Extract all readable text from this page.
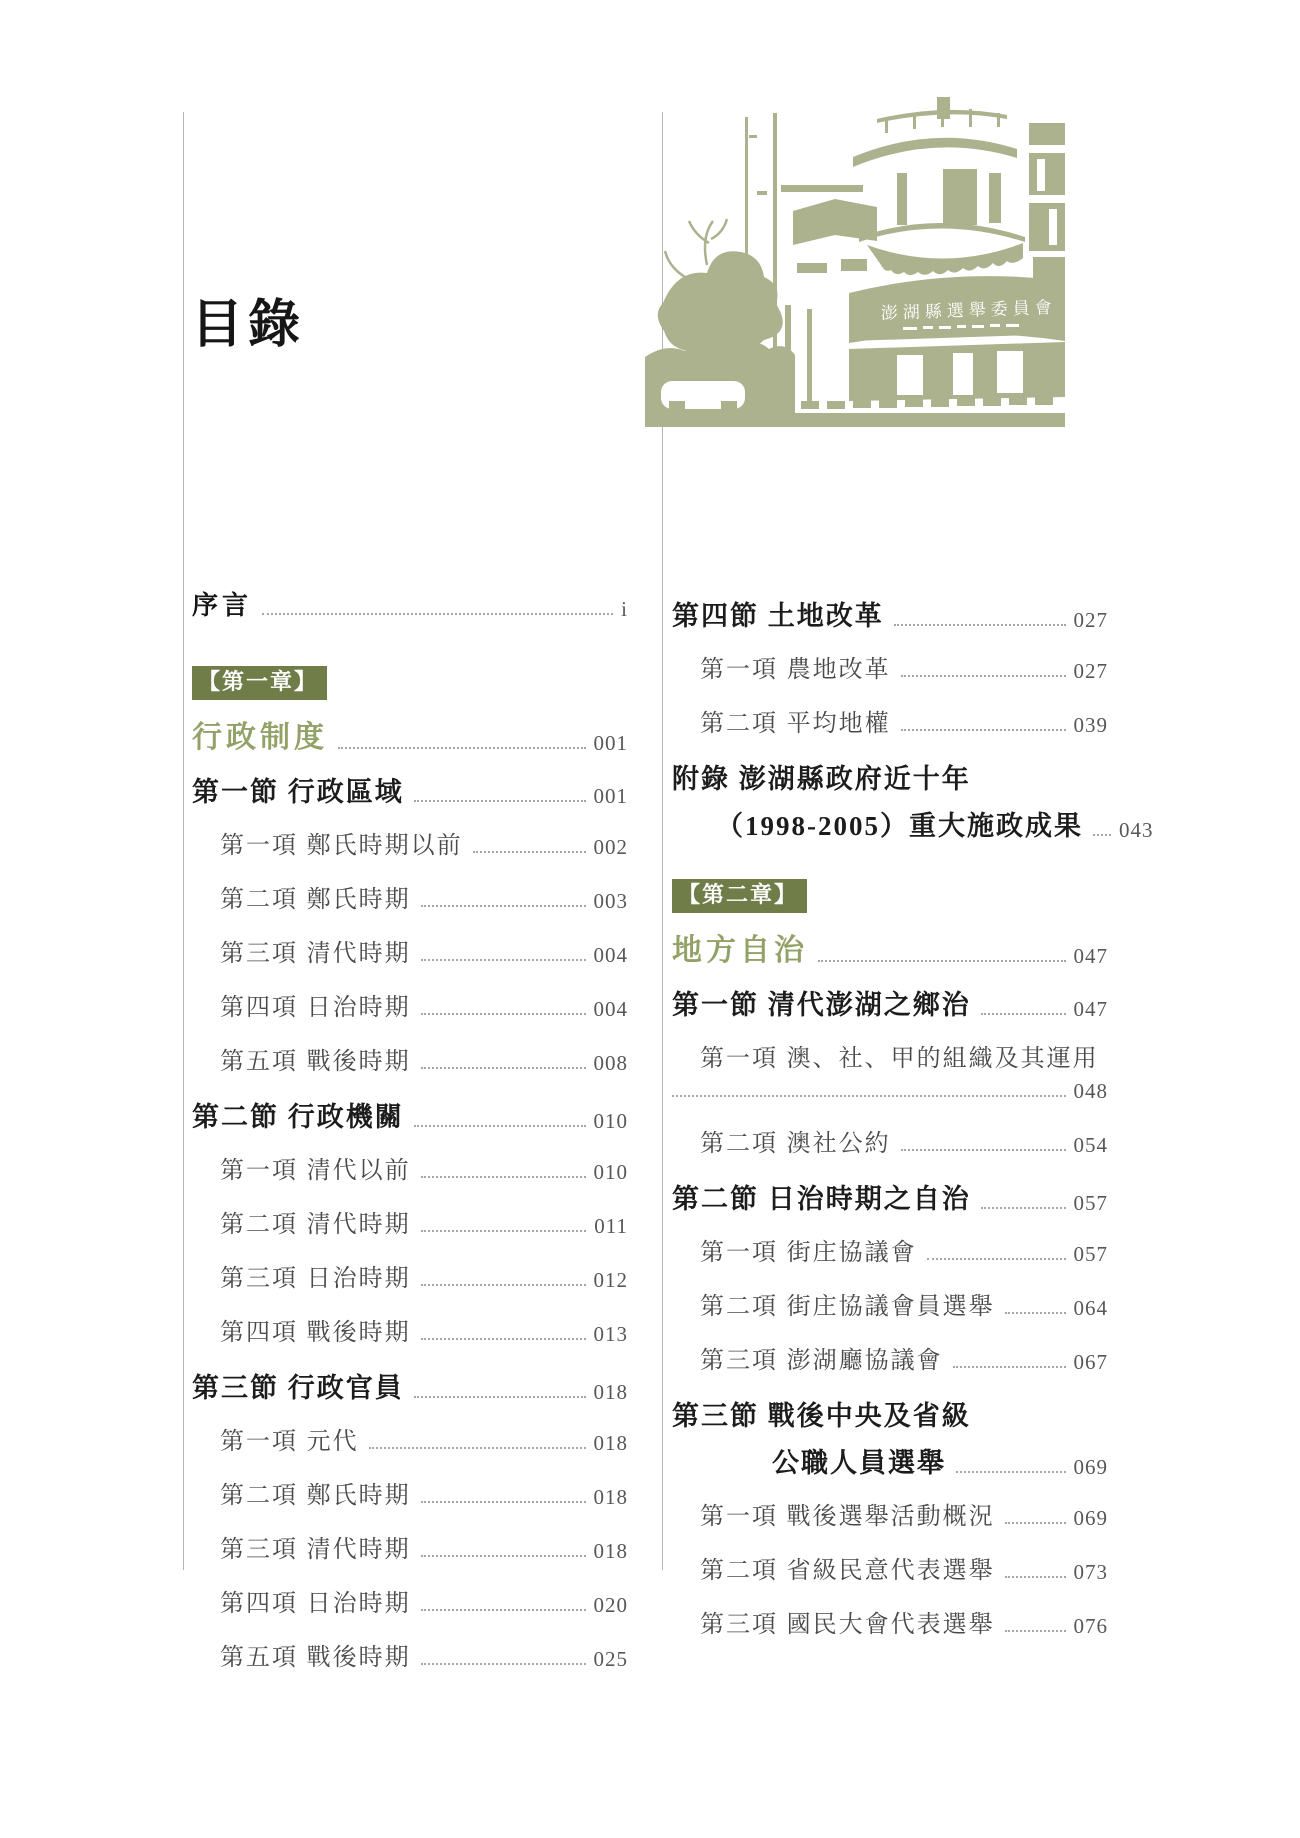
目錄	澎湖縣選舉委員會
序言	i
【第一章】
行政制度	001
第一節 行政區域	001
第一項 鄭氏時期以前	002
第二項 鄭氏時期	003
第三項 清代時期	004
第四項 日治時期	004
第五項 戰後時期	008
第二節 行政機關	010
第一項 清代以前	010
第二項 清代時期	011
第三項 日治時期	012
第四項 戰後時期	013
第三節 行政官員	018
第一項 元代	018
第二項 鄭氏時期	018
第三項 清代時期	018
第四項 日治時期	020
第五項 戰後時期	025
第四節 土地改革	027
第一項 農地改革	027
第二項 平均地權	039
附錄 澎湖縣政府近十年
（1998-2005）重大施政成果 043
【第二章】
地方自治	047
第一節 清代澎湖之鄉治	047
第一項 澳、社、甲的組織及其運用
048
第二項 澳社公約	054
第二節 日治時期之自治	057
第一項 街庄協議會	057
第二項 街庄協議會員選舉	064
第三項 澎湖廳協議會	067
第三節 戰後中央及省級
公職人員選舉	069
第一項 戰後選舉活動概況	069
第二項 省級民意代表選舉	073
第三項 國民大會代表選舉	076
